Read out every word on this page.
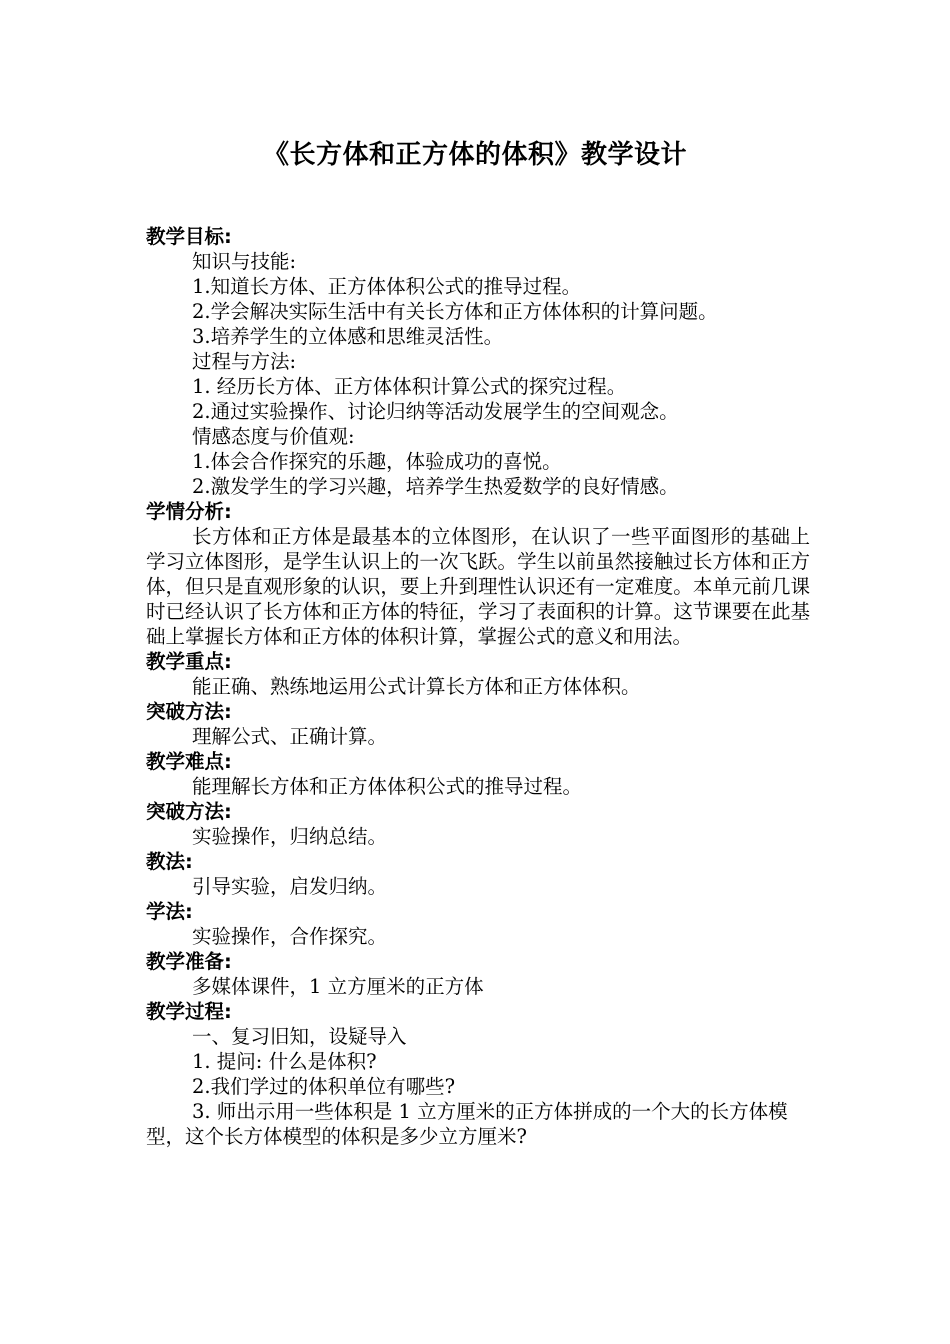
《长方体和正方体的体积》教学设计
教学目标:
知识与技能:
1.知道长方体、正方体体积公式的推导过程。
2.学会解决实际生活中有关长方体和正方体体积的计算问题。
3.培养学生的立体感和思维灵活性。
过程与方法:
1. 经历长方体、正方体体积计算公式的探究过程。
2.通过实验操作、讨论归纳等活动发展学生的空间观念。
情感态度与价值观:
1.体会合作探究的乐趣，体验成功的喜悦。
2.激发学生的学习兴趣，培养学生热爱数学的良好情感。
学情分析:
长方体和正方体是最基本的立体图形，在认识了一些平面图形的基础上学习立体图形，是学生认识上的一次飞跃。学生以前虽然接触过长方体和正方体，但只是直观形象的认识，要上升到理性认识还有一定难度。本单元前几课时已经认识了长方体和正方体的特征，学习了表面积的计算。这节课要在此基础上掌握长方体和正方体的体积计算，掌握公式的意义和用法。
教学重点:
能正确、熟练地运用公式计算长方体和正方体体积。
突破方法:
理解公式、正确计算。
教学难点:
能理解长方体和正方体体积公式的推导过程。
突破方法:
实验操作，归纳总结。
教法:
引导实验，启发归纳。
学法:
实验操作，合作探究。
教学准备:
多媒体课件，1 立方厘米的正方体
教学过程:
一、复习旧知，设疑导入
1. 提问: 什么是体积?
2.我们学过的体积单位有哪些?
3. 师出示用一些体积是 1 立方厘米的正方体拼成的一个大的长方体模型，这个长方体模型的体积是多少立方厘米?
